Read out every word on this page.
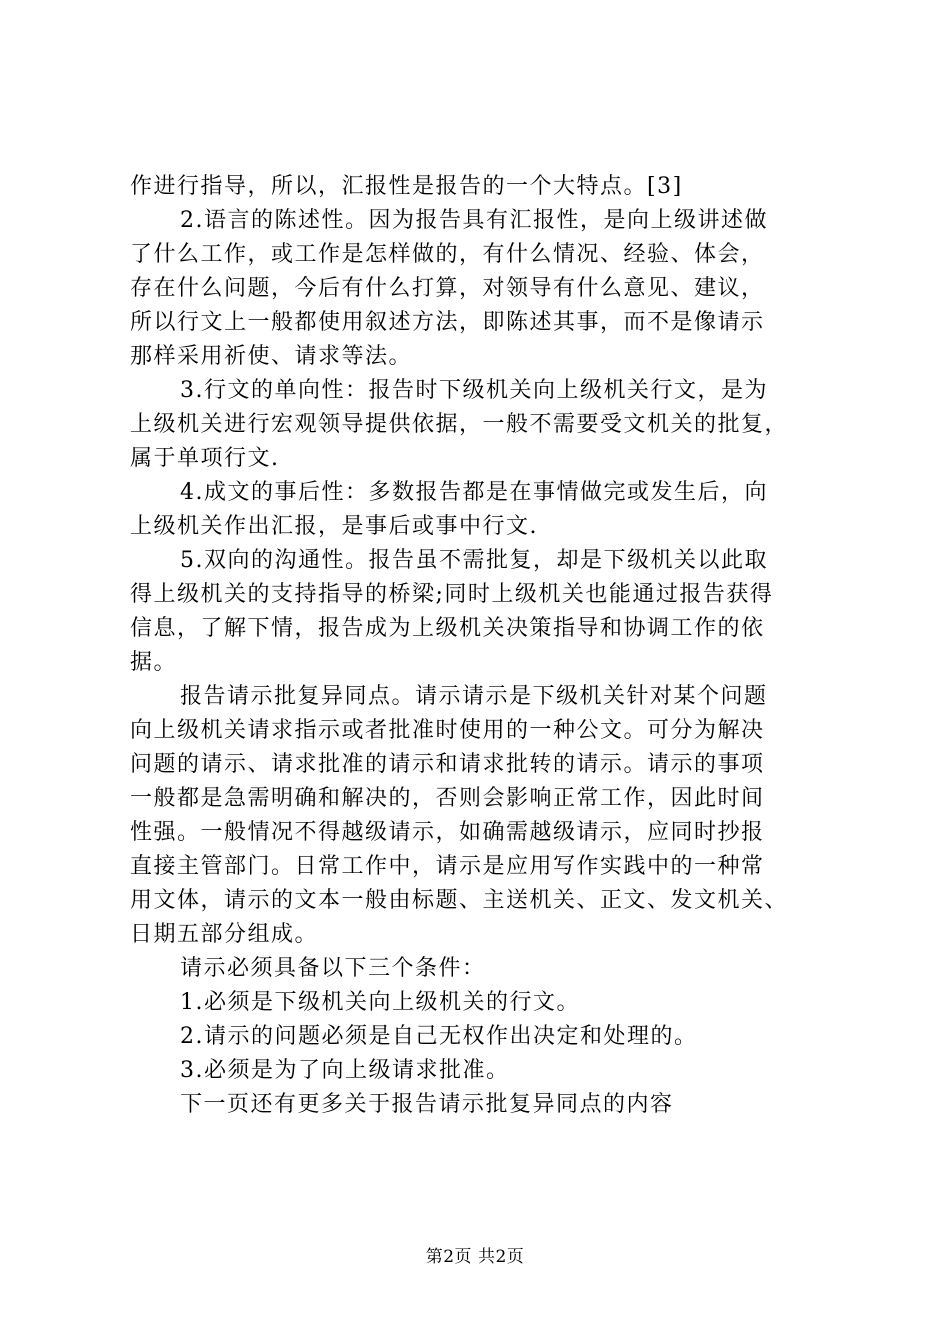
作进行指导，所以，汇报性是报告的一个大特点。[3]
2.语言的陈述性。因为报告具有汇报性，是向上级讲述做
了什么工作，或工作是怎样做的，有什么情况、经验、体会，
存在什么问题，今后有什么打算，对领导有什么意见、建议，
所以行文上一般都使用叙述方法，即陈述其事，而不是像请示
那样采用祈使、请求等法。
3.行文的单向性：报告时下级机关向上级机关行文，是为
上级机关进行宏观领导提供依据，一般不需要受文机关的批复，
属于单项行文.
4.成文的事后性：多数报告都是在事情做完或发生后，向
上级机关作出汇报，是事后或事中行文.
5.双向的沟通性。报告虽不需批复，却是下级机关以此取
得上级机关的支持指导的桥梁;同时上级机关也能通过报告获得
信息，了解下情，报告成为上级机关决策指导和协调工作的依
据。
报告请示批复异同点。请示请示是下级机关针对某个问题
向上级机关请求指示或者批准时使用的一种公文。可分为解决
问题的请示、请求批准的请示和请求批转的请示。请示的事项
一般都是急需明确和解决的，否则会影响正常工作，因此时间
性强。一般情况不得越级请示，如确需越级请示，应同时抄报
直接主管部门。日常工作中，请示是应用写作实践中的一种常
用文体，请示的文本一般由标题、主送机关、正文、发文机关、
日期五部分组成。
请示必须具备以下三个条件：
1.必须是下级机关向上级机关的行文。
2.请示的问题必须是自己无权作出决定和处理的。
3.必须是为了向上级请求批准。
下一页还有更多关于报告请示批复异同点的内容
第2页 共2页
